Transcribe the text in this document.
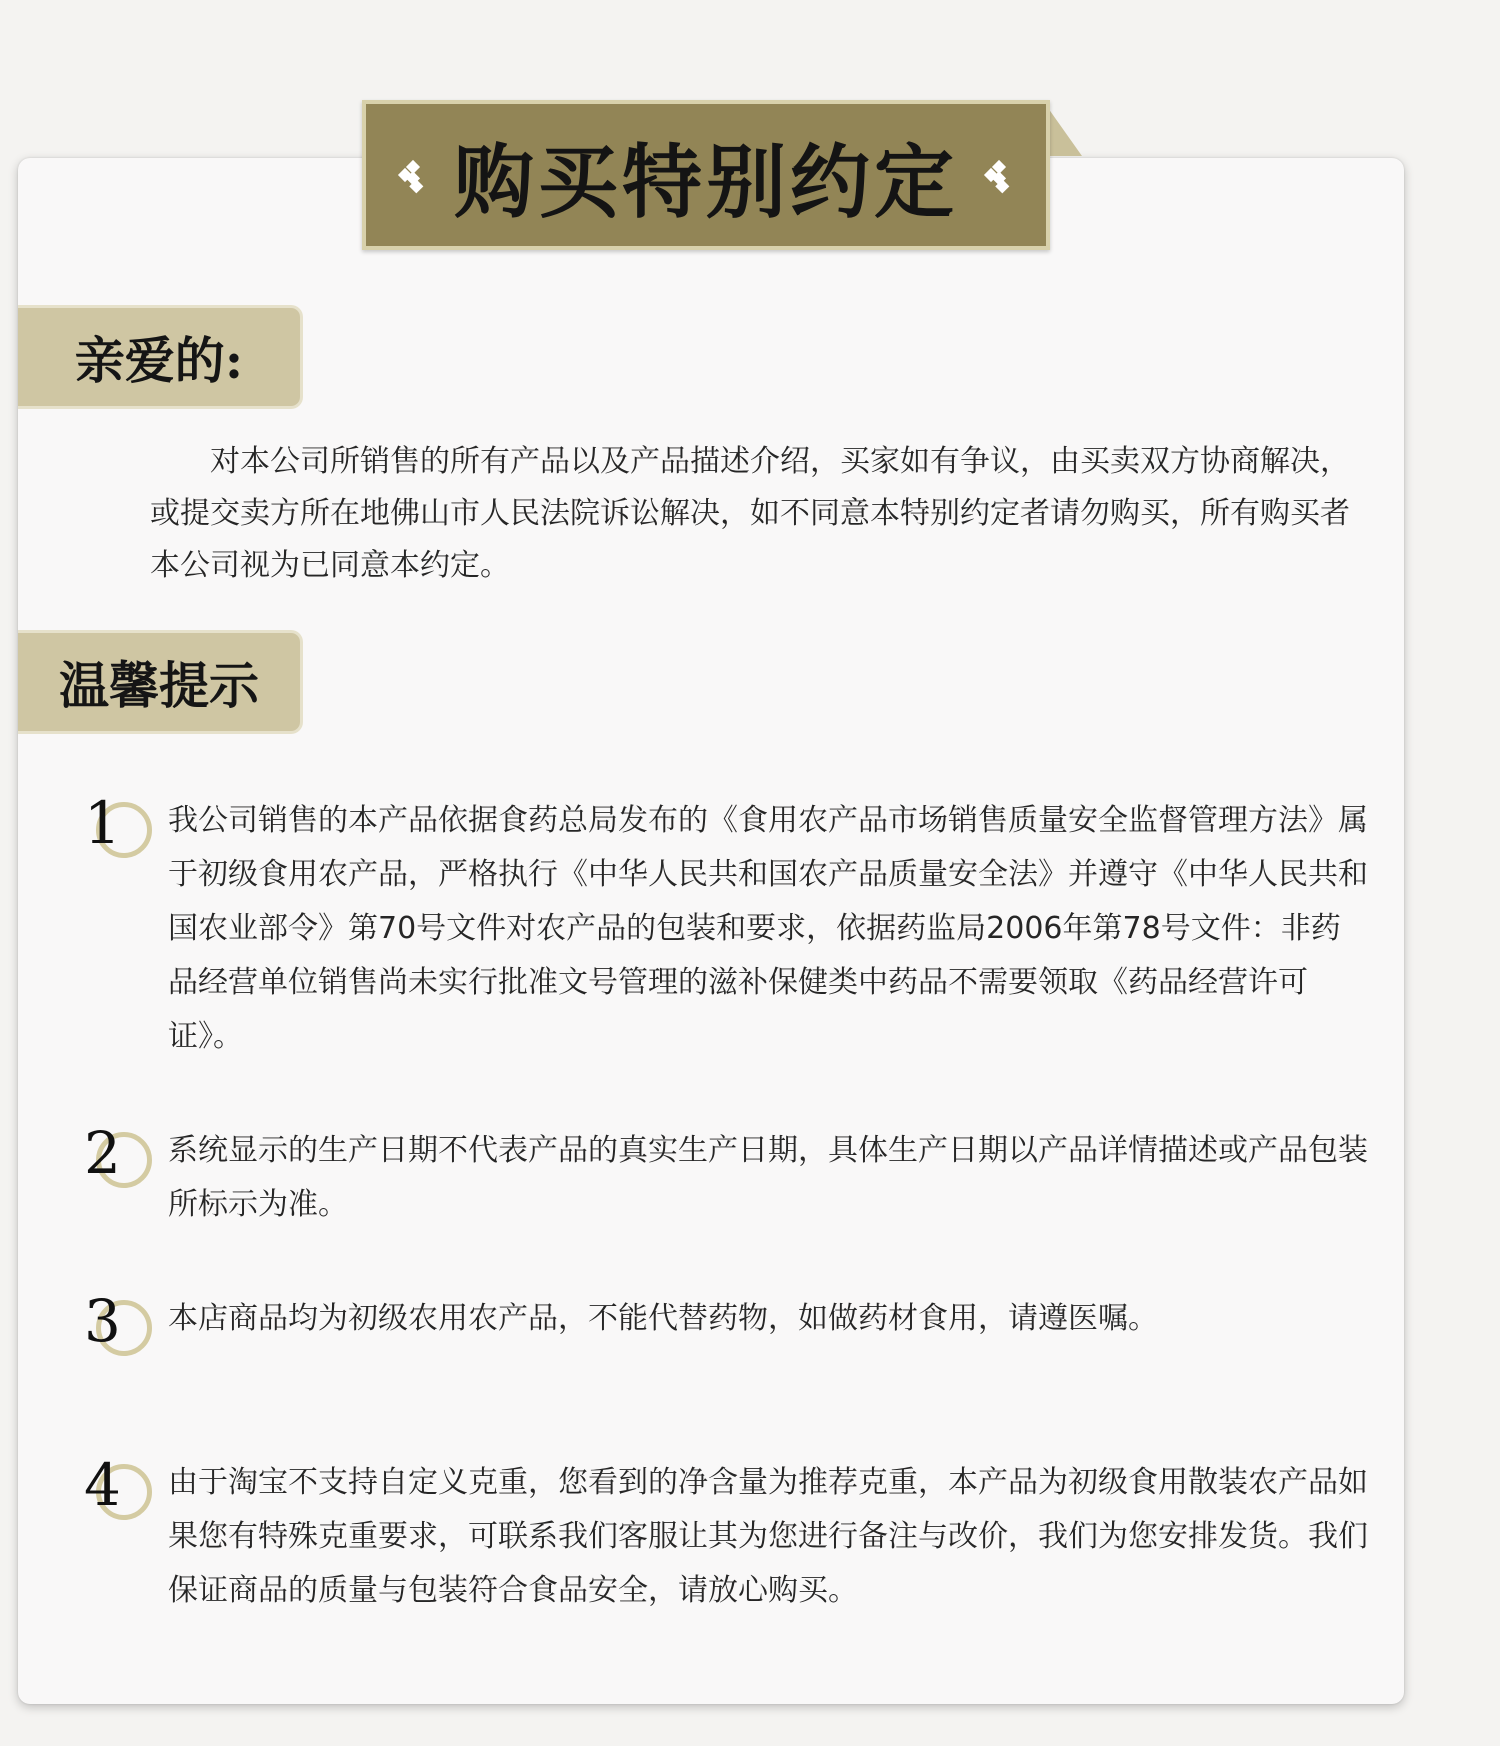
购买特别约定
亲爱的:

对本公司所销售的所有产品以及产品描述介绍，买家如有争议，由买卖双方协商解决，或提交卖方所在地佛山市人民法院诉讼解决，如不同意本特别约定者请勿购买，所有购买者本公司视为已同意本约定。

温馨提示
1 我公司销售的本产品依据食药总局发布的《食用农产品市场销售质量安全监督管理方法》属于初级食用农产品，严格执行《中华人民共和国农产品质量安全法》并遵守《中华人民共和国农业部令》第70号文件对农产品的包装和要求，依据药监局2006年第78号文件：非药品经营单位销售尚未实行批准文号管理的滋补保健类中药品不需要领取《药品经营许可证》。

2 系统显示的生产日期不代表产品的真实生产日期，具体生产日期以产品详情描述或产品包装所标示为准。

3 本店商品均为初级农用农产品，不能代替药物，如做药材食用，请遵医嘱。

4 由于淘宝不支持自定义克重，您看到的净含量为推荐克重，本产品为初级食用散装农产品如果您有特殊克重要求，可联系我们客服让其为您进行备注与改价，我们为您安排发货。我们保证商品的质量与包装符合食品安全，请放心购买。
